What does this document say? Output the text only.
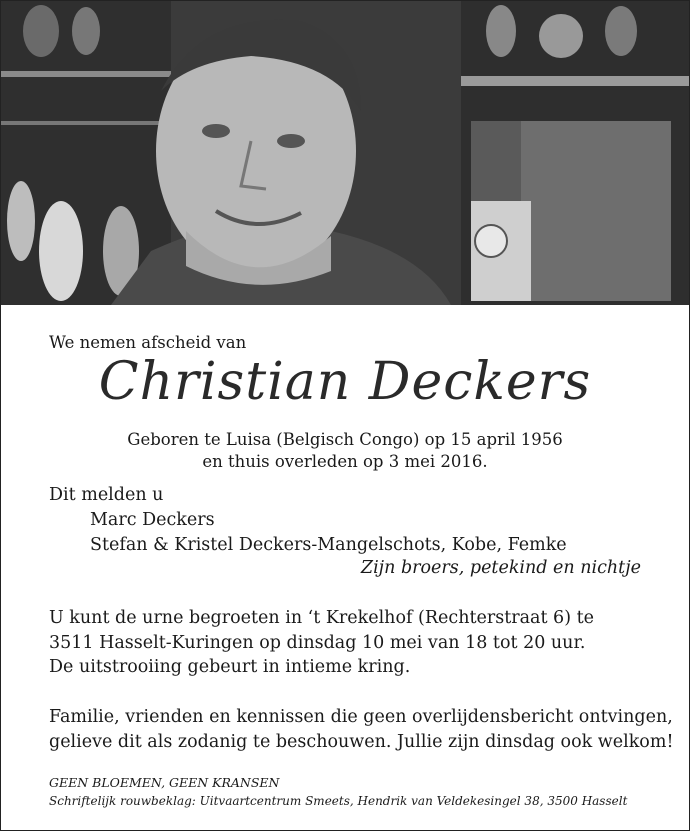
We nemen afscheid van
Christian Deckers
Geboren te Luisa (Belgisch Congo) op 15 april 1956
en thuis overleden op 3 mei 2016.
Dit melden u
Marc Deckers
Stefan & Kristel Deckers-Mangelschots, Kobe, Femke
Zijn broers, petekind en nichtje
U kunt de urne begroeten in ‘t Krekelhof (Rechterstraat 6) te
3511 Hasselt-Kuringen op dinsdag 10 mei van 18 tot 20 uur.
De uitstrooiing gebeurt in intieme kring.
Familie, vrienden en kennissen die geen overlijdensbericht ontvingen,
gelieve dit als zodanig te beschouwen. Jullie zijn dinsdag ook welkom!
GEEN BLOEMEN, GEEN KRANSEN
Schriftelijk rouwbeklag: Uitvaartcentrum Smeets, Hendrik van Veldekesingel 38, 3500 Hasselt
